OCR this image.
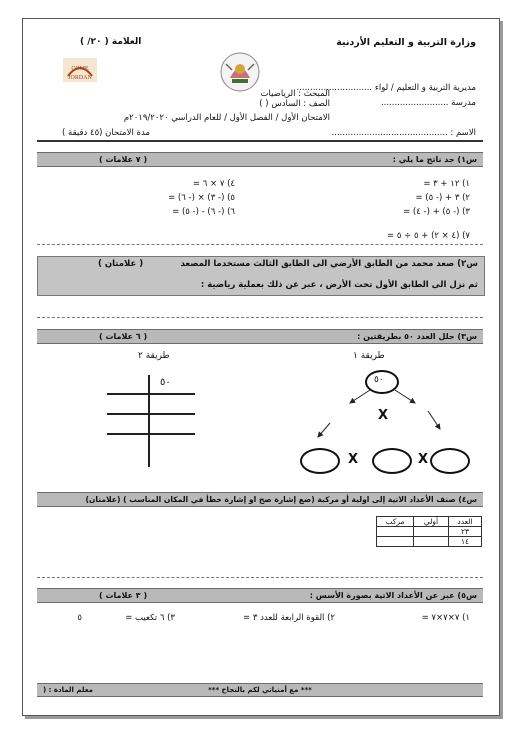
وزارة التربية و التعليم الأردنية
العلامة ( ٢٠/ )
COME
JORDAN
مديرية التربية و التعليم / لواء ............................
المبحث : الرياضيات
مدرسة .........................
الصف : السادس ( )
الامتحان الأول / الفصل الأول / للعام الدراسي ٢٠١٩/٢٠٢٠م
الاسم : ...........................................
مدة الامتحان (٤٥ دقيقة )
س١) جد ناتج ما يلي :
( ٧ علامات )
١) ١٢ + ٣ =
٢) ٣ + (- ٥) =
٣) (- ٥) + (- ٤) =
٤) ٧ × ٦ =
٥) (- ٣) × (- ٦) =
٦) (- ٦) - (- ٥) =
٧) (٤ × ٢) + ٥ ÷ ٥ =
س٢) صعد محمد من الطابق الأرضي الى الطابق الثالث مستخدما المصعد
( علامتان )
ثم نزل الى الطابق الأول تحت الأرض ، عبر عن ذلك بعملية رياضية :
س٣) حلل العدد ٥٠ بطريقتين :
( ٦ علامات )
طريقة ٢	طريقة ١
٥٠	٥٠
X
X	X
س٤) صنف الأعداد الاتية إلى اولية أو مركبة (ضع إشارة صح او إشارة خطأ في المكان المناسب ) (علامتان)
مركب	أولي	العدد
		٢٣
		١٤
س٥) عبر عن الأعداد الاتية بصورة الأسس :
( ٣ علامات )
١) ٧×٧×٧ =
٢) القوة الرابعة للعدد ٣ =
٣) ٦ تكعيب =
٥
*** مع أمنياتي لكم بالنجاح ***
معلم المادة : (
